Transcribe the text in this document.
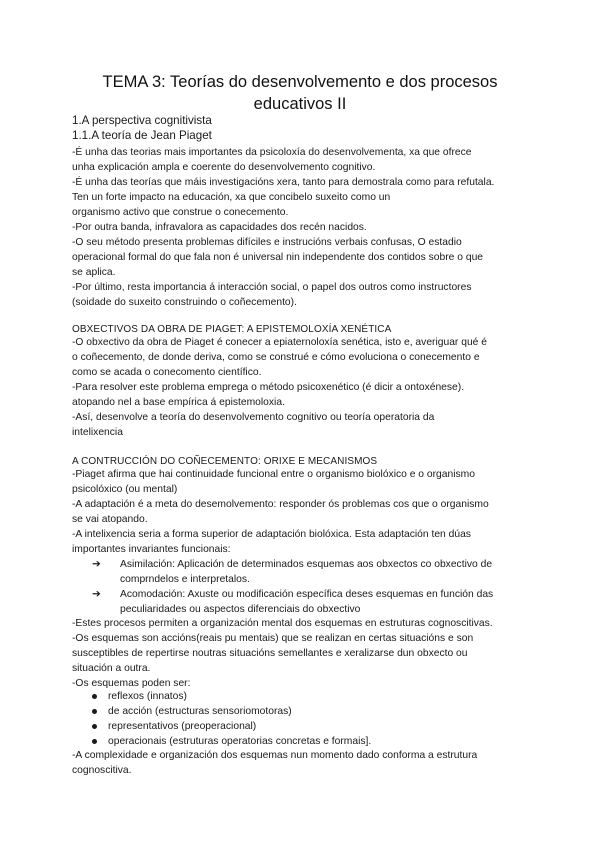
TEMA 3: Teorías do desenvolvemento e dos procesos
educativos II
1.A perspectiva cognitivista
1.1.A teoría de Jean Piaget
-É unha das teorias mais importantes da psicoloxía do desenvolvementa, xa que ofrece
unha explicación ampla e coerente do desenvolvemento cognitivo.
-É unha das teorías que máis investigacións xera, tanto para demostrala como para refutala.
Ten un forte impacto na educación, xa que concibelo suxeito como un
organismo activo que construe o conecemento.
-Por outra banda, infravalora as capacidades dos recén nacidos.
-O seu método presenta problemas difíciles e instrucións verbais confusas, O estadio
operacional formal do que fala non é universal nin independente dos contidos sobre o que
se aplica.
-Por último, resta importancia á interacción social, o papel dos outros como instructores
(soidade do suxeito construindo o coñecemento).
OBXECTIVOS DA OBRA DE PIAGET: A EPISTEMOLOXÍA XENÉTICA
-O obxectivo da obra de Piaget é conecer a epiaternoloxía senética, isto e, averiguar qué é
o coñecemento, de donde deriva, como se construé e cómo evoluciona o conecemento e
como se acada o conecomento científico.
-Para resolver este problema emprega o método psicoxenético (é dicir a ontoxénese).
atopando nel a base empírica á epistemoloxia.
-Así, desenvolve a teoría do desenvolvemento cognitivo ou teoría operatoria da
intelixencia
A CONTRUCCIÓN DO COÑECEMENTO: ORIXE E MECANISMOS
-Piaget afirma que hai continuidade funcional entre o organismo biolóxico e o organismo
psicolóxico (ou mental)
-A adaptación é a meta do desemolvemento: responder ós problemas cos que o organismo
se vai atopando.
-A intelixencia seria a forma superior de adaptación biolóxica. Esta adaptación ten dúas
importantes invariantes funcionais:
➔	Asimilación: Aplicación de determinados esquemas aos obxectos co obxectivo de
comprndelos e interpretalos.
➔	Acomodación: Axuste ou modificación específica deses esquemas en función das
peculiaridades ou aspectos diferenciais do obxectivo
-Estes procesos permiten a organización mental dos esquemas en estruturas cognoscitivas.
-Os esquemas son accións(reais pu mentais) que se realizan en certas situacións e son
susceptibles de repertirse noutras situacións semellantes e xeralizarse dun obxecto ou
situación a outra.
-Os esquemas poden ser:
reflexos (innatos)
de acción (estructuras sensoriomotoras)
representativos (preoperacional)
operacionais (estruturas operatorias concretas e formais].
-A complexidade e organización dos esquemas nun momento dado conforma a estrutura
cognoscitiva.
